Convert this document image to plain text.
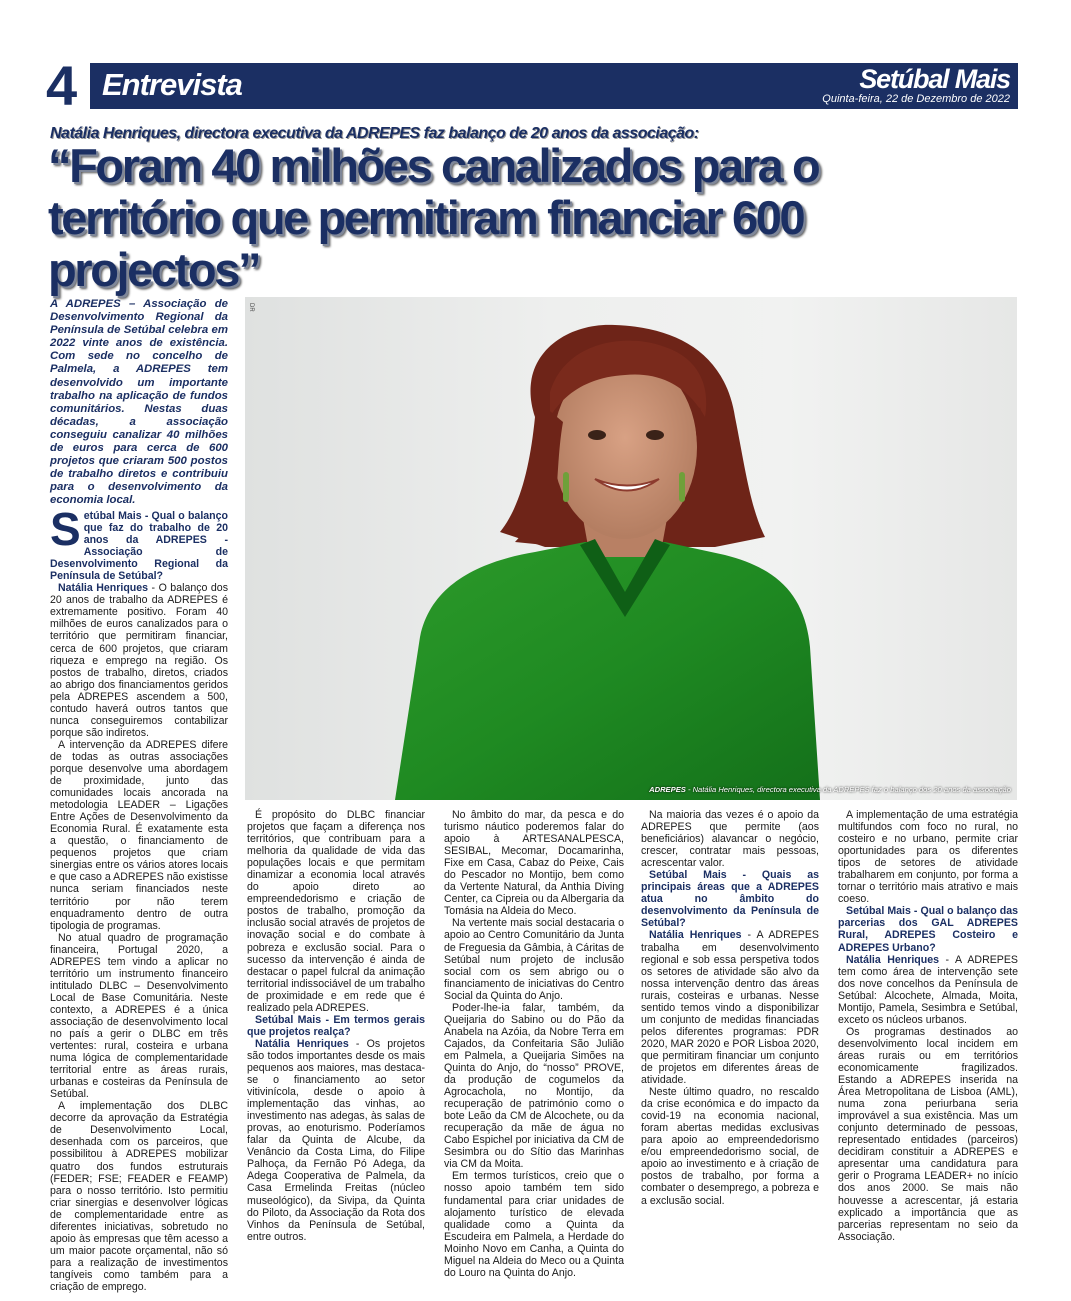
4 Entrevista	Setúbal Mais
Quinta-feira, 22 de Dezembro de 2022
Natália Henriques, directora executiva da ADREPES faz balanço de 20 anos da associação:
“Foram 40 milhões canalizados para o território que permitiram financiar 600 projectos”

A ADREPES – Associação de Desenvolvimento Regional da Península de Setúbal celebra em 2022 vinte anos de existência. Com sede no concelho de Palmela, a ADREPES tem desenvolvido um importante trabalho na aplicação de fundos comunitários. Nestas duas décadas, a associação conseguiu canalizar 40 milhões de euros para cerca de 600 projetos que criaram 500 postos de trabalho diretos e contribuiu para o desenvolvimento da economia local.

DR
ADREPES - Natália Henriques, directora executiva da ADREPES faz o balanço dos 20 anos da associação

Setúbal Mais - Qual o balanço que faz do trabalho de 20 anos da ADREPES - Associação de Desenvolvimento Regional da Península de Setúbal?

Natália Henriques - O balanço dos 20 anos de trabalho da ADREPES é extremamente positivo. Foram 40 milhões de euros canalizados para o território que permitiram financiar, cerca de 600 projetos, que criaram riqueza e emprego na região. Os postos de trabalho, diretos, criados ao abrigo dos financiamentos geridos pela ADREPES ascendem a 500, contudo haverá outros tantos que nunca conseguiremos contabilizar porque são indiretos.

A intervenção da ADREPES difere de todas as outras associações porque desenvolve uma abordagem de proximidade, junto das comunidades locais ancorada na metodologia LEADER – Ligações Entre Ações de Desenvolvimento da Economia Rural. É exatamente esta a questão, o financiamento de pequenos projetos que criam sinergias entre os vários atores locais e que caso a ADREPES não existisse nunca seriam financiados neste território por não terem enquadramento dentro de outra tipologia de programas.

No atual quadro de programação financeira, Portugal 2020, a ADREPES tem vindo a aplicar no território um instrumento financeiro intitulado DLBC – Desenvolvimento Local de Base Comunitária. Neste contexto, a ADREPES é a única associação de desenvolvimento local no país a gerir o DLBC em três vertentes: rural, costeira e urbana numa lógica de complementaridade territorial entre as áreas rurais, urbanas e costeiras da Península de Setúbal.

A implementação dos DLBC decorre da aprovação da Estratégia de Desenvolvimento Local, desenhada com os parceiros, que possibilitou à ADREPES mobilizar quatro dos fundos estruturais (FEDER; FSE; FEADER e FEAMP) para o nosso território. Isto permitiu criar sinergias e desenvolver lógicas de complementaridade entre as diferentes iniciativas, sobretudo no apoio às empresas que têm acesso a um maior pacote orçamental, não só para a realização de investimentos tangíveis como também para a criação de emprego.

É propósito do DLBC financiar projetos que façam a diferença nos territórios, que contribuam para a melhoria da qualidade de vida das populações locais e que permitam dinamizar a economia local através do apoio direto ao empreendedorismo e criação de postos de trabalho, promoção da inclusão social através de projetos de inovação social e do combate à pobreza e exclusão social. Para o sucesso da intervenção é ainda de destacar o papel fulcral da animação territorial indissociável de um trabalho de proximidade e em rede que é realizado pela ADREPES.

Setúbal Mais - Em termos gerais que projetos realça?

Natália Henriques - Os projetos são todos importantes desde os mais pequenos aos maiores, mas destaca-se o financiamento ao setor vitivinícola, desde o apoio à implementação das vinhas, ao investimento nas adegas, às salas de provas, ao enoturismo. Poderíamos falar da Quinta de Alcube, da Venâncio da Costa Lima, do Filipe Palhoça, da Fernão Pó Adega, da Adega Cooperativa de Palmela, da Casa Ermelinda Freitas (núcleo museológico), da Sivipa, da Quinta do Piloto, da Associação da Rota dos Vinhos da Península de Setúbal, entre outros.

No âmbito do mar, da pesca e do turismo náutico poderemos falar do apoio à ARTESANALPESCA, SESIBAL, Mecomar, Docamarinha, Fixe em Casa, Cabaz do Peixe, Cais do Pescador no Montijo, bem como da Vertente Natural, da Anthia Diving Center, ca Cipreia ou da Albergaria da Tomásia na Aldeia do Meco.

Na vertente mais social destacaria o apoio ao Centro Comunitário da Junta de Freguesia da Gâmbia, à Cáritas de Setúbal num projeto de inclusão social com os sem abrigo ou o financiamento de iniciativas do Centro Social da Quinta do Anjo.

Poder-lhe-ia falar, também, da Queijaria do Sabino ou do Pão da Anabela na Azóia, da Nobre Terra em Cajados, da Confeitaria São Julião em Palmela, a Queijaria Simões na Quinta do Anjo, do “nosso” PROVE, da produção de cogumelos da Agrocachola, no Montijo, da recuperação de património como o bote Leão da CM de Alcochete, ou da recuperação da mãe de água no Cabo Espichel por iniciativa da CM de Sesimbra ou do Sítio das Marinhas via CM da Moita.

Em termos turísticos, creio que o nosso apoio também tem sido fundamental para criar unidades de alojamento turístico de elevada qualidade como a Quinta da Escudeira em Palmela, a Herdade do Moinho Novo em Canha, a Quinta do Miguel na Aldeia do Meco ou a Quinta do Louro na Quinta do Anjo.

Na maioria das vezes é o apoio da ADREPES que permite (aos beneficiários) alavancar o negócio, crescer, contratar mais pessoas, acrescentar valor.

Setúbal Mais - Quais as principais áreas que a ADREPES atua no âmbito do desenvolvimento da Península de Setúbal?

Natália Henriques - A ADREPES trabalha em desenvolvimento regional e sob essa perspetiva todos os setores de atividade são alvo da nossa intervenção dentro das áreas rurais, costeiras e urbanas. Nesse sentido temos vindo a disponibilizar um conjunto de medidas financiadas pelos diferentes programas: PDR 2020, MAR 2020 e POR Lisboa 2020, que permitiram financiar um conjunto de projetos em diferentes áreas de atividade.

Neste último quadro, no rescaldo da crise económica e do impacto da covid-19 na economia nacional, foram abertas medidas exclusivas para apoio ao empreendedorismo e/ou empreendedorismo social, de apoio ao investimento e à criação de postos de trabalho, por forma a combater o desemprego, a pobreza e a exclusão social.

A implementação de uma estratégia multifundos com foco no rural, no costeiro e no urbano, permite criar oportunidades para os diferentes tipos de setores de atividade trabalharem em conjunto, por forma a tornar o território mais atrativo e mais coeso.

Setúbal Mais - Qual o balanço das parcerias dos GAL ADREPES Rural, ADREPES Costeiro e ADREPES Urbano?

Natália Henriques - A ADREPES tem como área de intervenção sete dos nove concelhos da Península de Setúbal: Alcochete, Almada, Moita, Montijo, Pamela, Sesimbra e Setúbal, exceto os núcleos urbanos.

Os programas destinados ao desenvolvimento local incidem em áreas rurais ou em territórios economicamente fragilizados. Estando a ADREPES inserida na Área Metropolitana de Lisboa (AML), numa zona periurbana seria improvável a sua existência. Mas um conjunto determinado de pessoas, representado entidades (parceiros) decidiram constituir a ADREPES e apresentar uma candidatura para gerir o Programa LEADER+ no início dos anos 2000. Se mais não houvesse a acrescentar, já estaria explicado a importância que as parcerias representam no seio da Associação.
